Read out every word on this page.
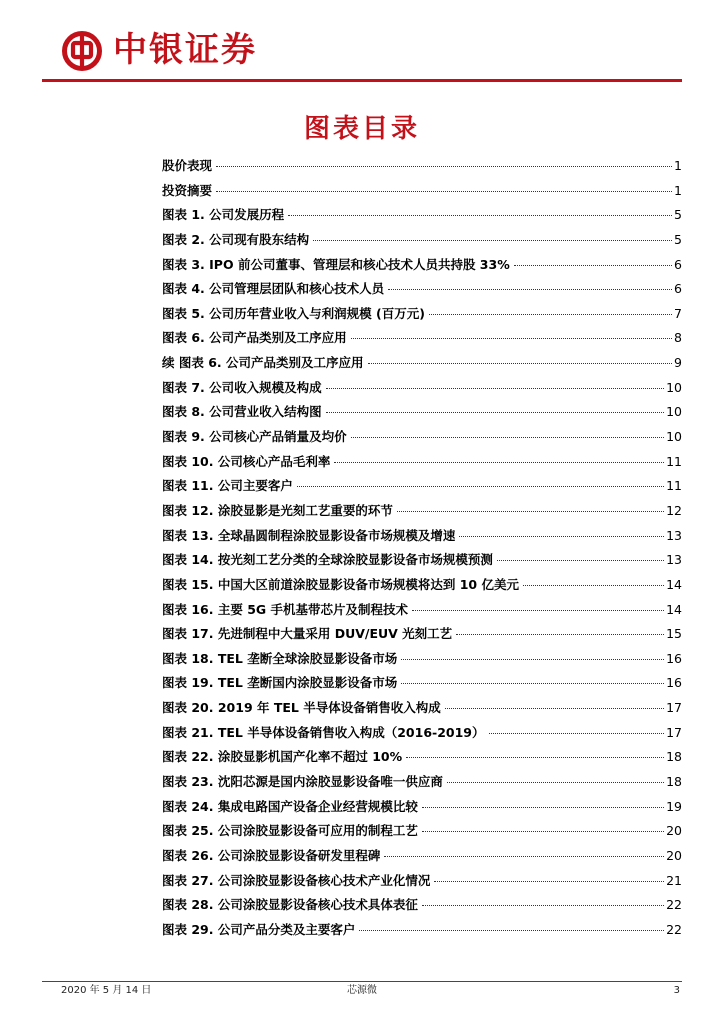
中银证券
图表目录
股价表现	1
投资摘要	1
图表 1. 公司发展历程	5
图表 2. 公司现有股东结构	5
图表 3. IPO 前公司董事、管理层和核心技术人员共持股 33%	6
图表 4. 公司管理层团队和核心技术人员	6
图表 5. 公司历年营业收入与利润规模 (百万元)	7
图表 6. 公司产品类别及工序应用	8
续 图表 6. 公司产品类别及工序应用	9
图表 7. 公司收入规模及构成	10
图表 8. 公司营业收入结构图	10
图表 9. 公司核心产品销量及均价	10
图表 10. 公司核心产品毛利率	11
图表 11. 公司主要客户	11
图表 12. 涂胶显影是光刻工艺重要的环节	12
图表 13. 全球晶圆制程涂胶显影设备市场规模及增速	13
图表 14. 按光刻工艺分类的全球涂胶显影设备市场规模预测	13
图表 15. 中国大区前道涂胶显影设备市场规模将达到 10 亿美元	14
图表 16. 主要 5G 手机基带芯片及制程技术	14
图表 17. 先进制程中大量采用 DUV/EUV 光刻工艺	15
图表 18. TEL 垄断全球涂胶显影设备市场	16
图表 19. TEL 垄断国内涂胶显影设备市场	16
图表 20. 2019 年 TEL 半导体设备销售收入构成	17
图表 21. TEL 半导体设备销售收入构成（2016-2019）	17
图表 22. 涂胶显影机国产化率不超过 10%	18
图表 23. 沈阳芯源是国内涂胶显影设备唯一供应商	18
图表 24. 集成电路国产设备企业经营规模比较	19
图表 25. 公司涂胶显影设备可应用的制程工艺	20
图表 26. 公司涂胶显影设备研发里程碑	20
图表 27. 公司涂胶显影设备核心技术产业化情况	21
图表 28. 公司涂胶显影设备核心技术具体表征	22
图表 29. 公司产品分类及主要客户	22
2020 年 5 月 14 日	芯源微	3
